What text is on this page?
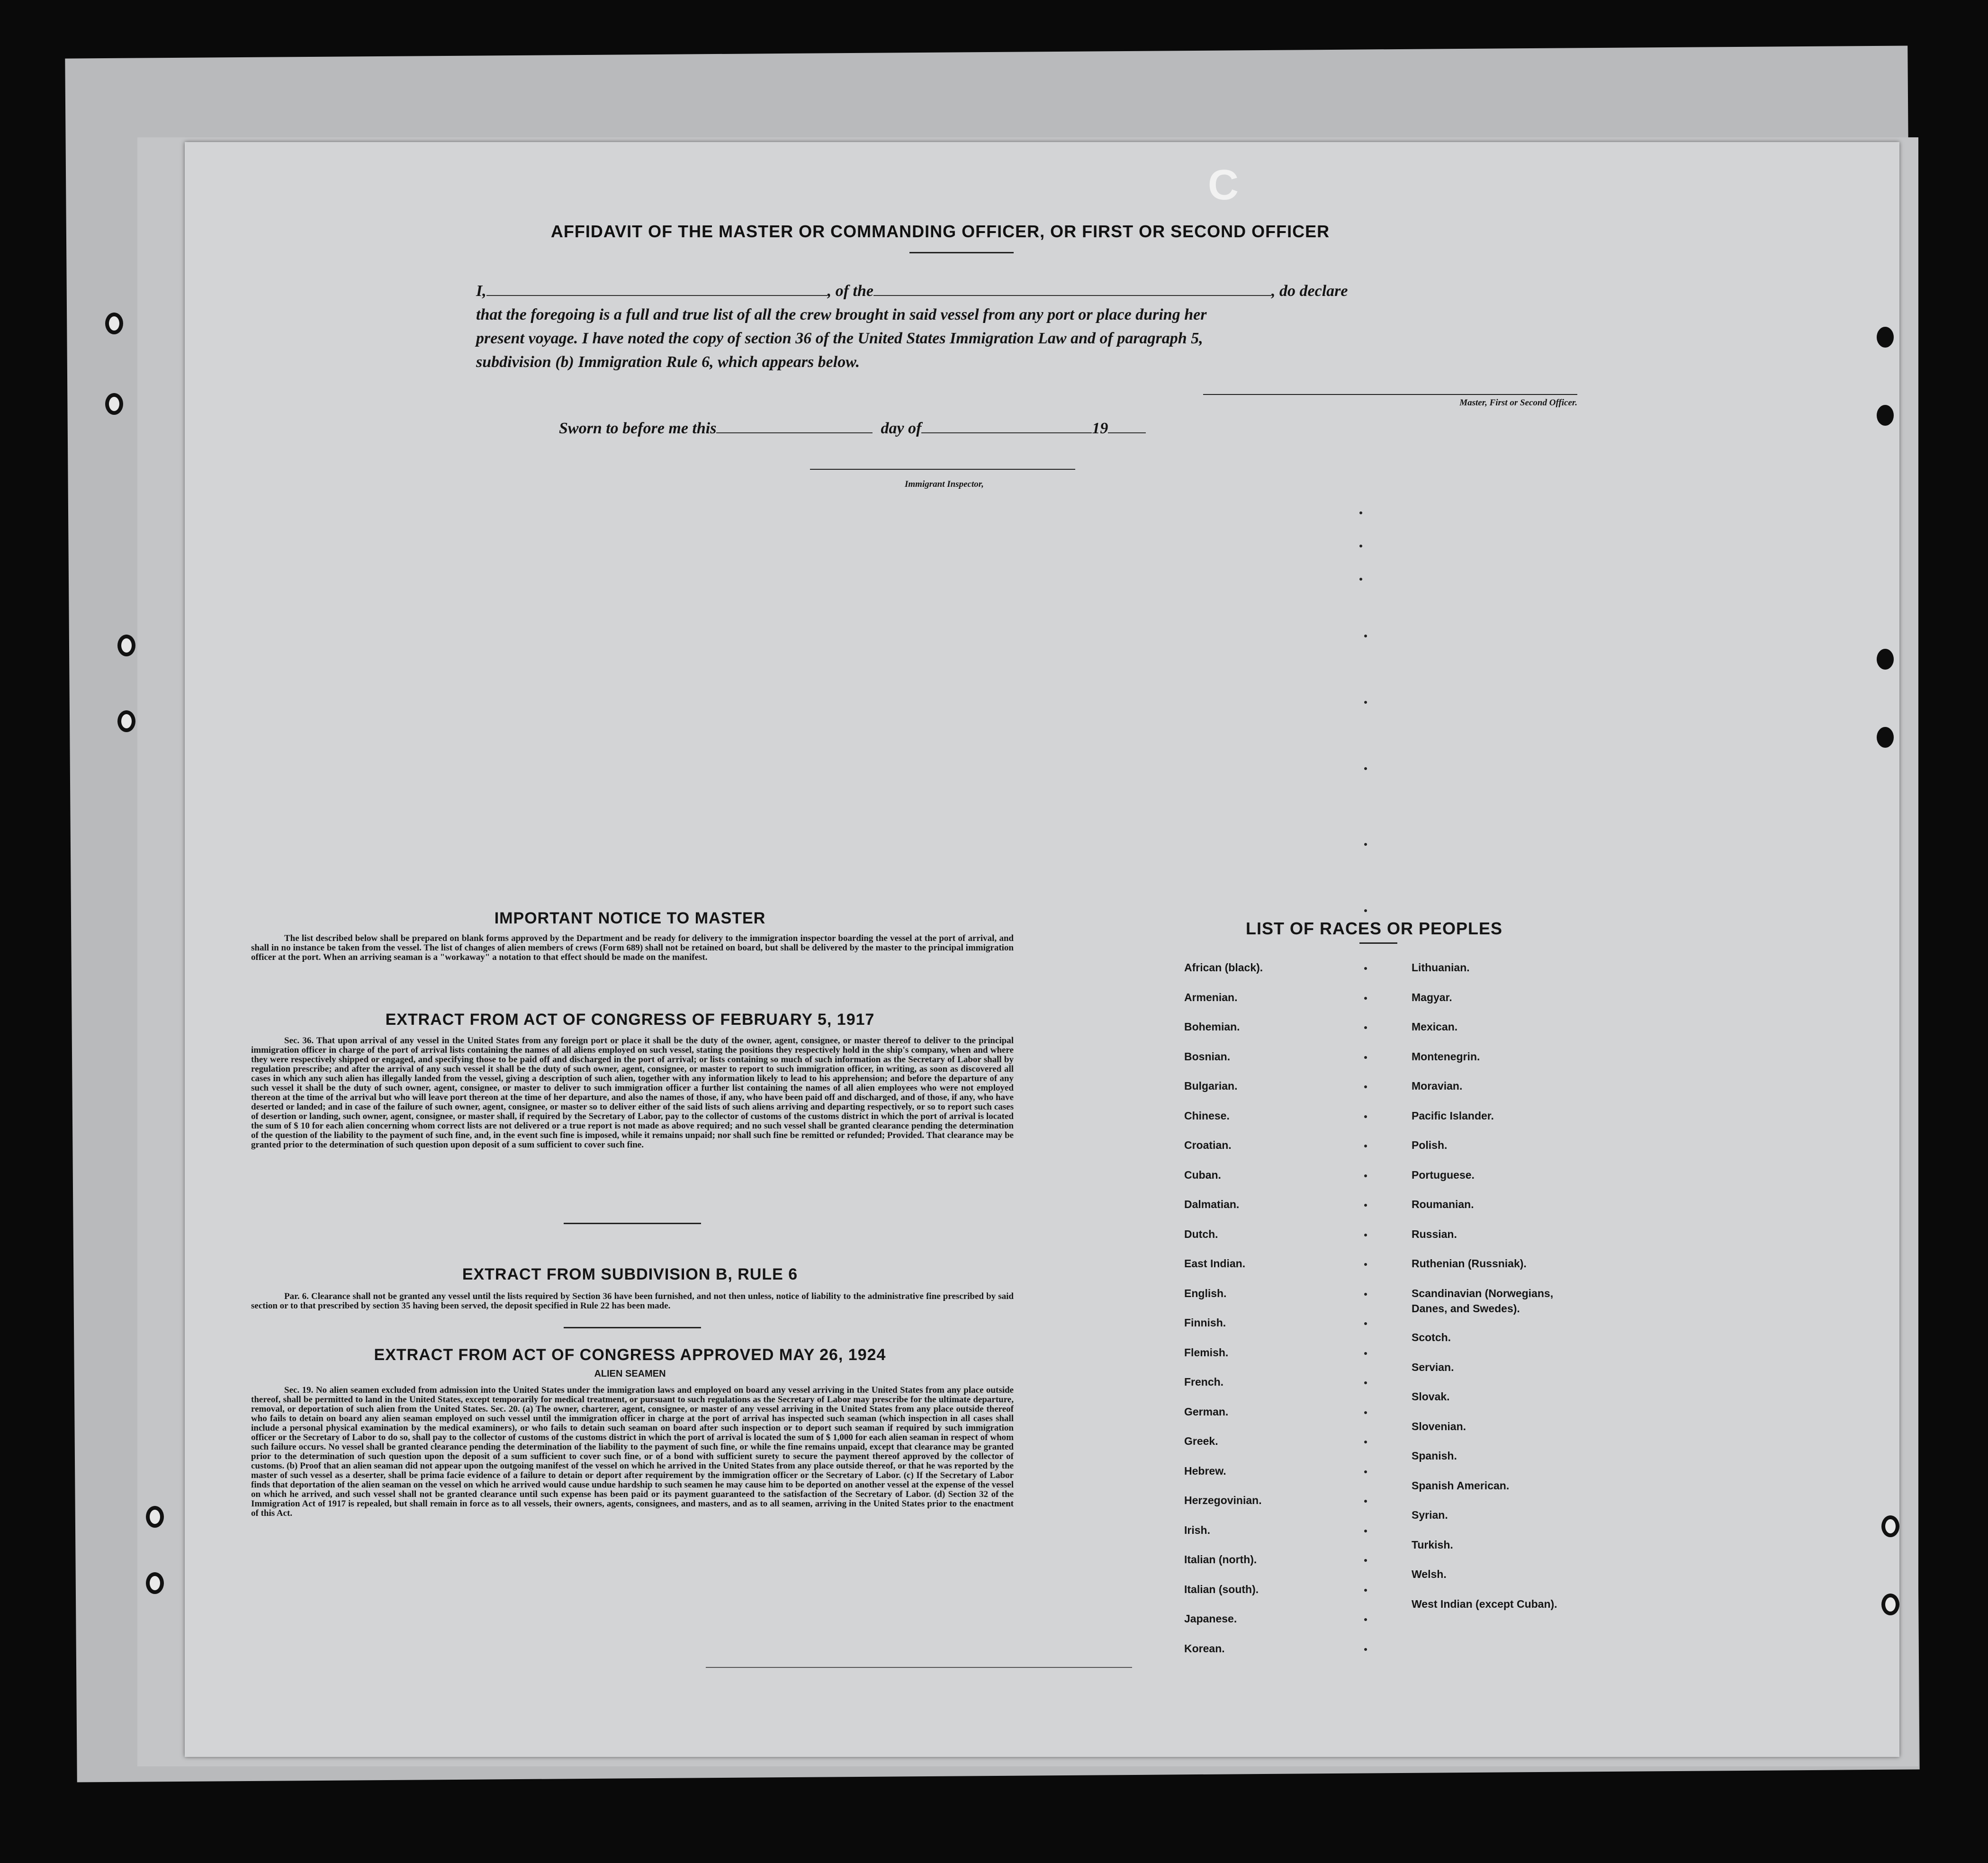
C
AFFIDAVIT OF THE MASTER OR COMMANDING OFFICER, OR FIRST OR SECOND OFFICER
I,	, of the	, do declare
that the foregoing is a full and true list of all the crew brought in said vessel from any port or place during her
present voyage. I have noted the copy of section 36 of the United States Immigration Law and of paragraph 5,
subdivision (b) Immigration Rule 6, which appears below.
Master, First or Second Officer.
Sworn to before me this	day of	19
Immigrant Inspector,
IMPORTANT NOTICE TO MASTER
The list described below shall be prepared on blank forms approved by the Department and be ready for delivery to the immigration inspector boarding the vessel at the port of arrival, and shall in no instance be taken from the vessel. The list of changes of alien members of crews (Form 689) shall not be retained on board, but shall be delivered by the master to the principal immigration officer at the port. When an arriving seaman is a "workaway" a notation to that effect should be made on the manifest.
EXTRACT FROM ACT OF CONGRESS OF FEBRUARY 5, 1917
Sec. 36. That upon arrival of any vessel in the United States from any foreign port or place it shall be the duty of the owner, agent, consignee, or master thereof to deliver to the principal immigration officer in charge of the port of arrival lists containing the names of all aliens employed on such vessel, stating the positions they respectively hold in the ship's company, when and where they were respectively shipped or engaged, and specifying those to be paid off and discharged in the port of arrival; or lists containing so much of such information as the Secretary of Labor shall by regulation prescribe; and after the arrival of any such vessel it shall be the duty of such owner, agent, consignee, or master to report to such immigration officer, in writing, as soon as discovered all cases in which any such alien has illegally landed from the vessel, giving a description of such alien, together with any information likely to lead to his apprehension; and before the departure of any such vessel it shall be the duty of such owner, agent, consignee, or master to deliver to such immigration officer a further list containing the names of all alien employees who were not employed thereon at the time of the arrival but who will leave port thereon at the time of her departure, and also the names of those, if any, who have been paid off and discharged, and of those, if any, who have deserted or landed; and in case of the failure of such owner, agent, consignee, or master so to deliver either of the said lists of such aliens arriving and departing respectively, or so to report such cases of desertion or landing, such owner, agent, consignee, or master shall, if required by the Secretary of Labor, pay to the collector of customs of the customs district in which the port of arrival is located the sum of $ 10 for each alien concerning whom correct lists are not delivered or a true report is not made as above required; and no such vessel shall be granted clearance pending the determination of the question of the liability to the payment of such fine, and, in the event such fine is imposed, while it remains unpaid; nor shall such fine be remitted or refunded; Provided. That clearance may be granted prior to the determination of such question upon deposit of a sum sufficient to cover such fine.
EXTRACT FROM SUBDIVISION B, RULE 6
Par. 6. Clearance shall not be granted any vessel until the lists required by Section 36 have been furnished, and not then unless, notice of liability to the administrative fine prescribed by said section or to that prescribed by section 35 having been served, the deposit specified in Rule 22 has been made.
EXTRACT FROM ACT OF CONGRESS APPROVED MAY 26, 1924
ALIEN SEAMEN
Sec. 19. No alien seamen excluded from admission into the United States under the immigration laws and employed on board any vessel arriving in the United States from any place outside thereof, shall be permitted to land in the United States, except temporarily for medical treatment, or pursuant to such regulations as the Secretary of Labor may prescribe for the ultimate departure, removal, or deportation of such alien from the United States. Sec. 20. (a) The owner, charterer, agent, consignee, or master of any vessel arriving in the United States from any place outside thereof who fails to detain on board any alien seaman employed on such vessel until the immigration officer in charge at the port of arrival has inspected such seaman (which inspection in all cases shall include a personal physical examination by the medical examiners), or who fails to detain such seaman on board after such inspection or to deport such seaman if required by such immigration officer or the Secretary of Labor to do so, shall pay to the collector of customs of the customs district in which the port of arrival is located the sum of $ 1,000 for each alien seaman in respect of whom such failure occurs. No vessel shall be granted clearance pending the determination of the liability to the payment of such fine, or while the fine remains unpaid, except that clearance may be granted prior to the determination of such question upon the deposit of a sum sufficient to cover such fine, or of a bond with sufficient surety to secure the payment thereof approved by the collector of customs. (b) Proof that an alien seaman did not appear upon the outgoing manifest of the vessel on which he arrived in the United States from any place outside thereof, or that he was reported by the master of such vessel as a deserter, shall be prima facie evidence of a failure to detain or deport after requirement by the immigration officer or the Secretary of Labor. (c) If the Secretary of Labor finds that deportation of the alien seaman on the vessel on which he arrived would cause undue hardship to such seamen he may cause him to be deported on another vessel at the expense of the vessel on which he arrived, and such vessel shall not be granted clearance until such expense has been paid or its payment guaranteed to the satisfaction of the Secretary of Labor. (d) Section 32 of the Immigration Act of 1917 is repealed, but shall remain in force as to all vessels, their owners, agents, consignees, and masters, and as to all seamen, arriving in the United States prior to the enactment of this Act.
LIST OF RACES OR PEOPLES
African (black).
Armenian.
Bohemian.
Bosnian.
Bulgarian.
Chinese.
Croatian.
Cuban.
Dalmatian.
Dutch.
East Indian.
English.
Finnish.
Flemish.
French.
German.
Greek.
Hebrew.
Herzegovinian.
Irish.
Italian (north).
Italian (south).
Japanese.
Korean.
Lithuanian.
Magyar.
Mexican.
Montenegrin.
Moravian.
Pacific Islander.
Polish.
Portuguese.
Roumanian.
Russian.
Ruthenian (Russniak).
Scandinavian (Norwegians,
Danes, and Swedes).
Scotch.
Servian.
Slovak.
Slovenian.
Spanish.
Spanish American.
Syrian.
Turkish.
Welsh.
West Indian (except Cuban).
